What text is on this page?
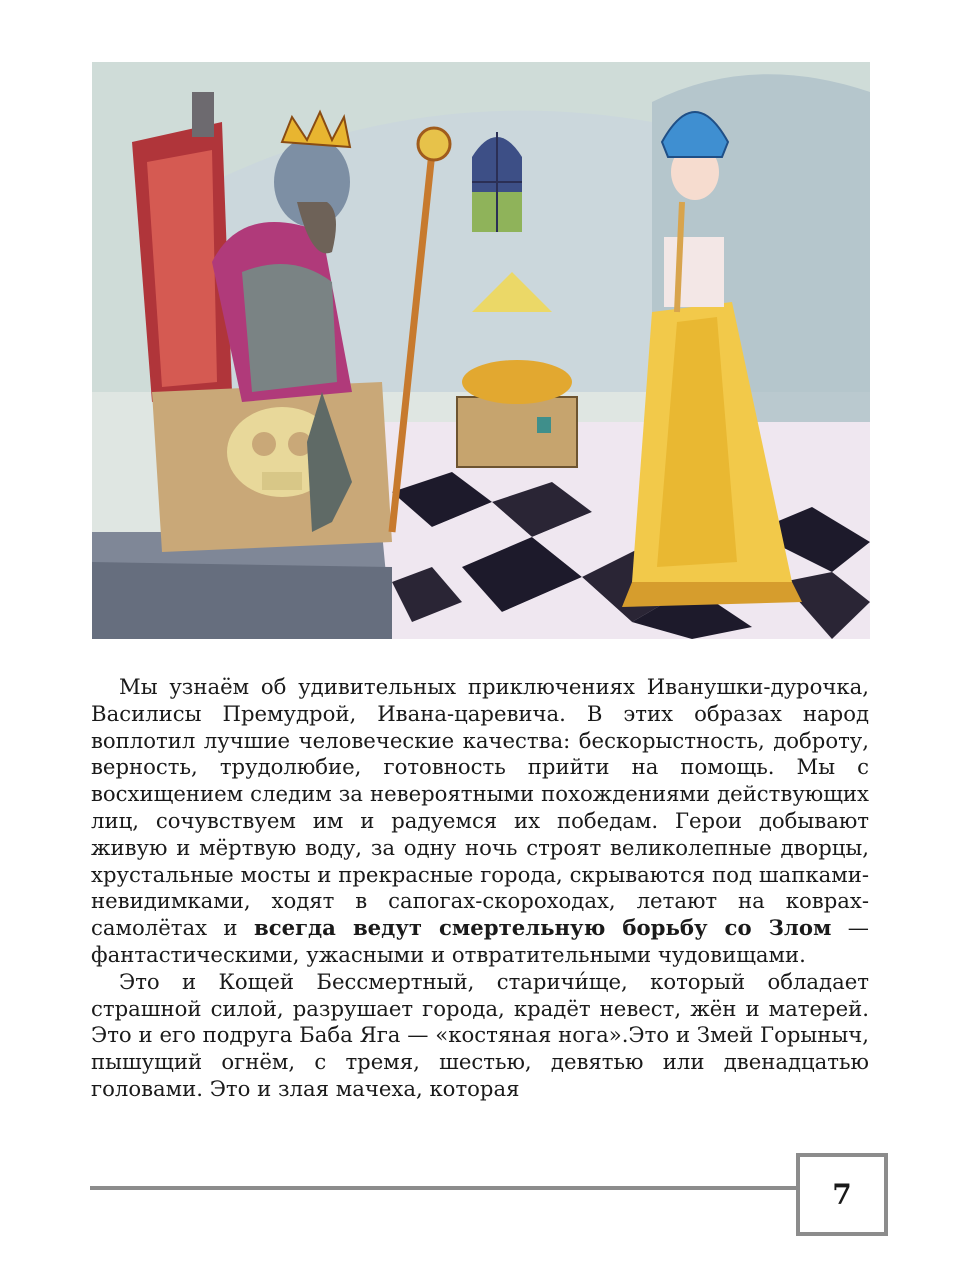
Мы узнаём об удивительных приключениях Иванушки-дурочка, Василисы Премудрой, Ивана-царевича. В этих образах народ воплотил лучшие человеческие качества: бескорыстность, доброту, верность, трудолюбие, готовность прийти на помощь. Мы с восхищением следим за невероятными похождениями действующих лиц, сочувствуем им и радуемся их победам. Герои добывают живую и мёртвую воду, за одну ночь строят великолепные дворцы, хрустальные мосты и прекрасные города, скрываются под шапками-невидимками, ходят в сапогах-скороходах, летают на коврах-самолётах и всегда ведут смертельную борьбу со Злом — фантастическими, ужасными и отвратительными чудовищами.

Это и Кощей Бессмертный, старичи́ще, который обладает страшной силой, разрушает города, крадёт невест, жён и матерей. Это и его подруга Баба Яга — «костяная нога».Это и Змей Горыныч, пышущий огнём, с тремя, шестью, девятью или двенадцатью головами. Это и злая мачеха, которая

7
